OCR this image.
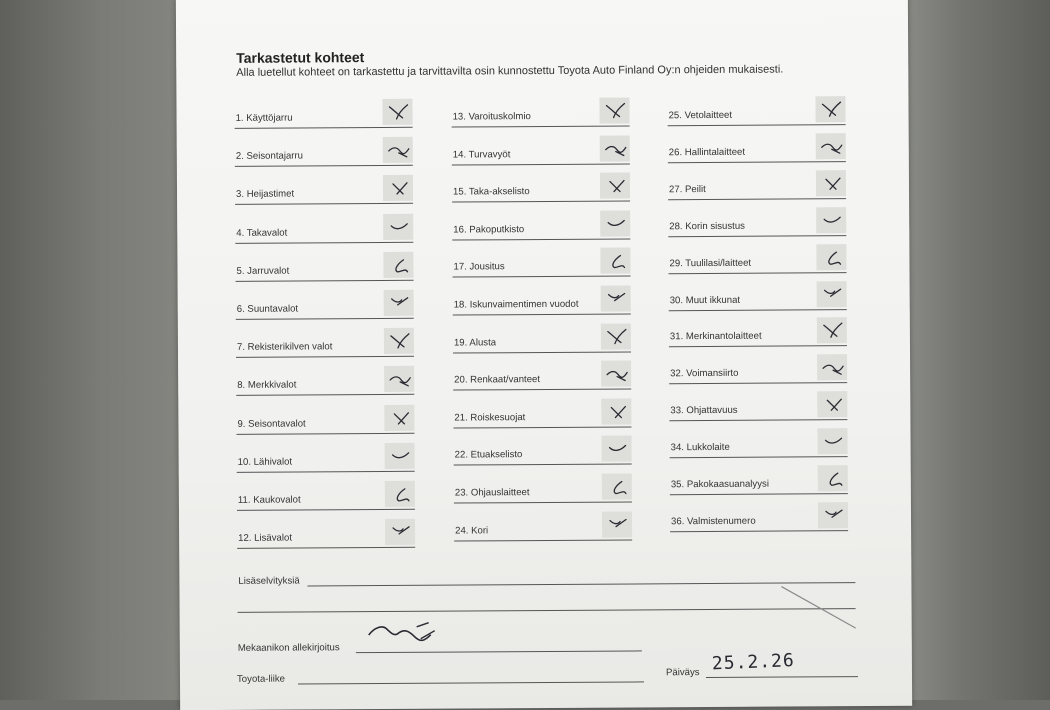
Tarkastetut kohteet
Alla luetellut kohteet on tarkastettu ja tarvittavilta osin kunnostettu Toyota Auto Finland Oy:n ohjeiden mukaisesti.
1. Käyttöjarru
2. Seisontajarru
3. Heijastimet
4. Takavalot
5. Jarruvalot
6. Suuntavalot
7. Rekisterikilven valot
8. Merkkivalot
9. Seisontavalot
10. Lähivalot
11. Kaukovalot
12. Lisävalot
13. Varoituskolmio
14. Turvavyöt
15. Taka-akselisto
16. Pakoputkisto
17. Jousitus
18. Iskunvaimentimen vuodot
19. Alusta
20. Renkaat/vanteet
21. Roiskesuojat
22. Etuakselisto
23. Ohjauslaitteet
24. Kori
25. Vetolaitteet
26. Hallintalaitteet
27. Peilit
28. Korin sisustus
29. Tuulilasi/laitteet
30. Muut ikkunat
31. Merkinantolaitteet
32. Voimansiirto
33. Ohjattavuus
34. Lukkolaite
35. Pakokaasuanalyysi
36. Valmistenumero
Lisäselvityksiä
Mekaanikon allekirjoitus
Toyota-liike
Päiväys 25.2.26
